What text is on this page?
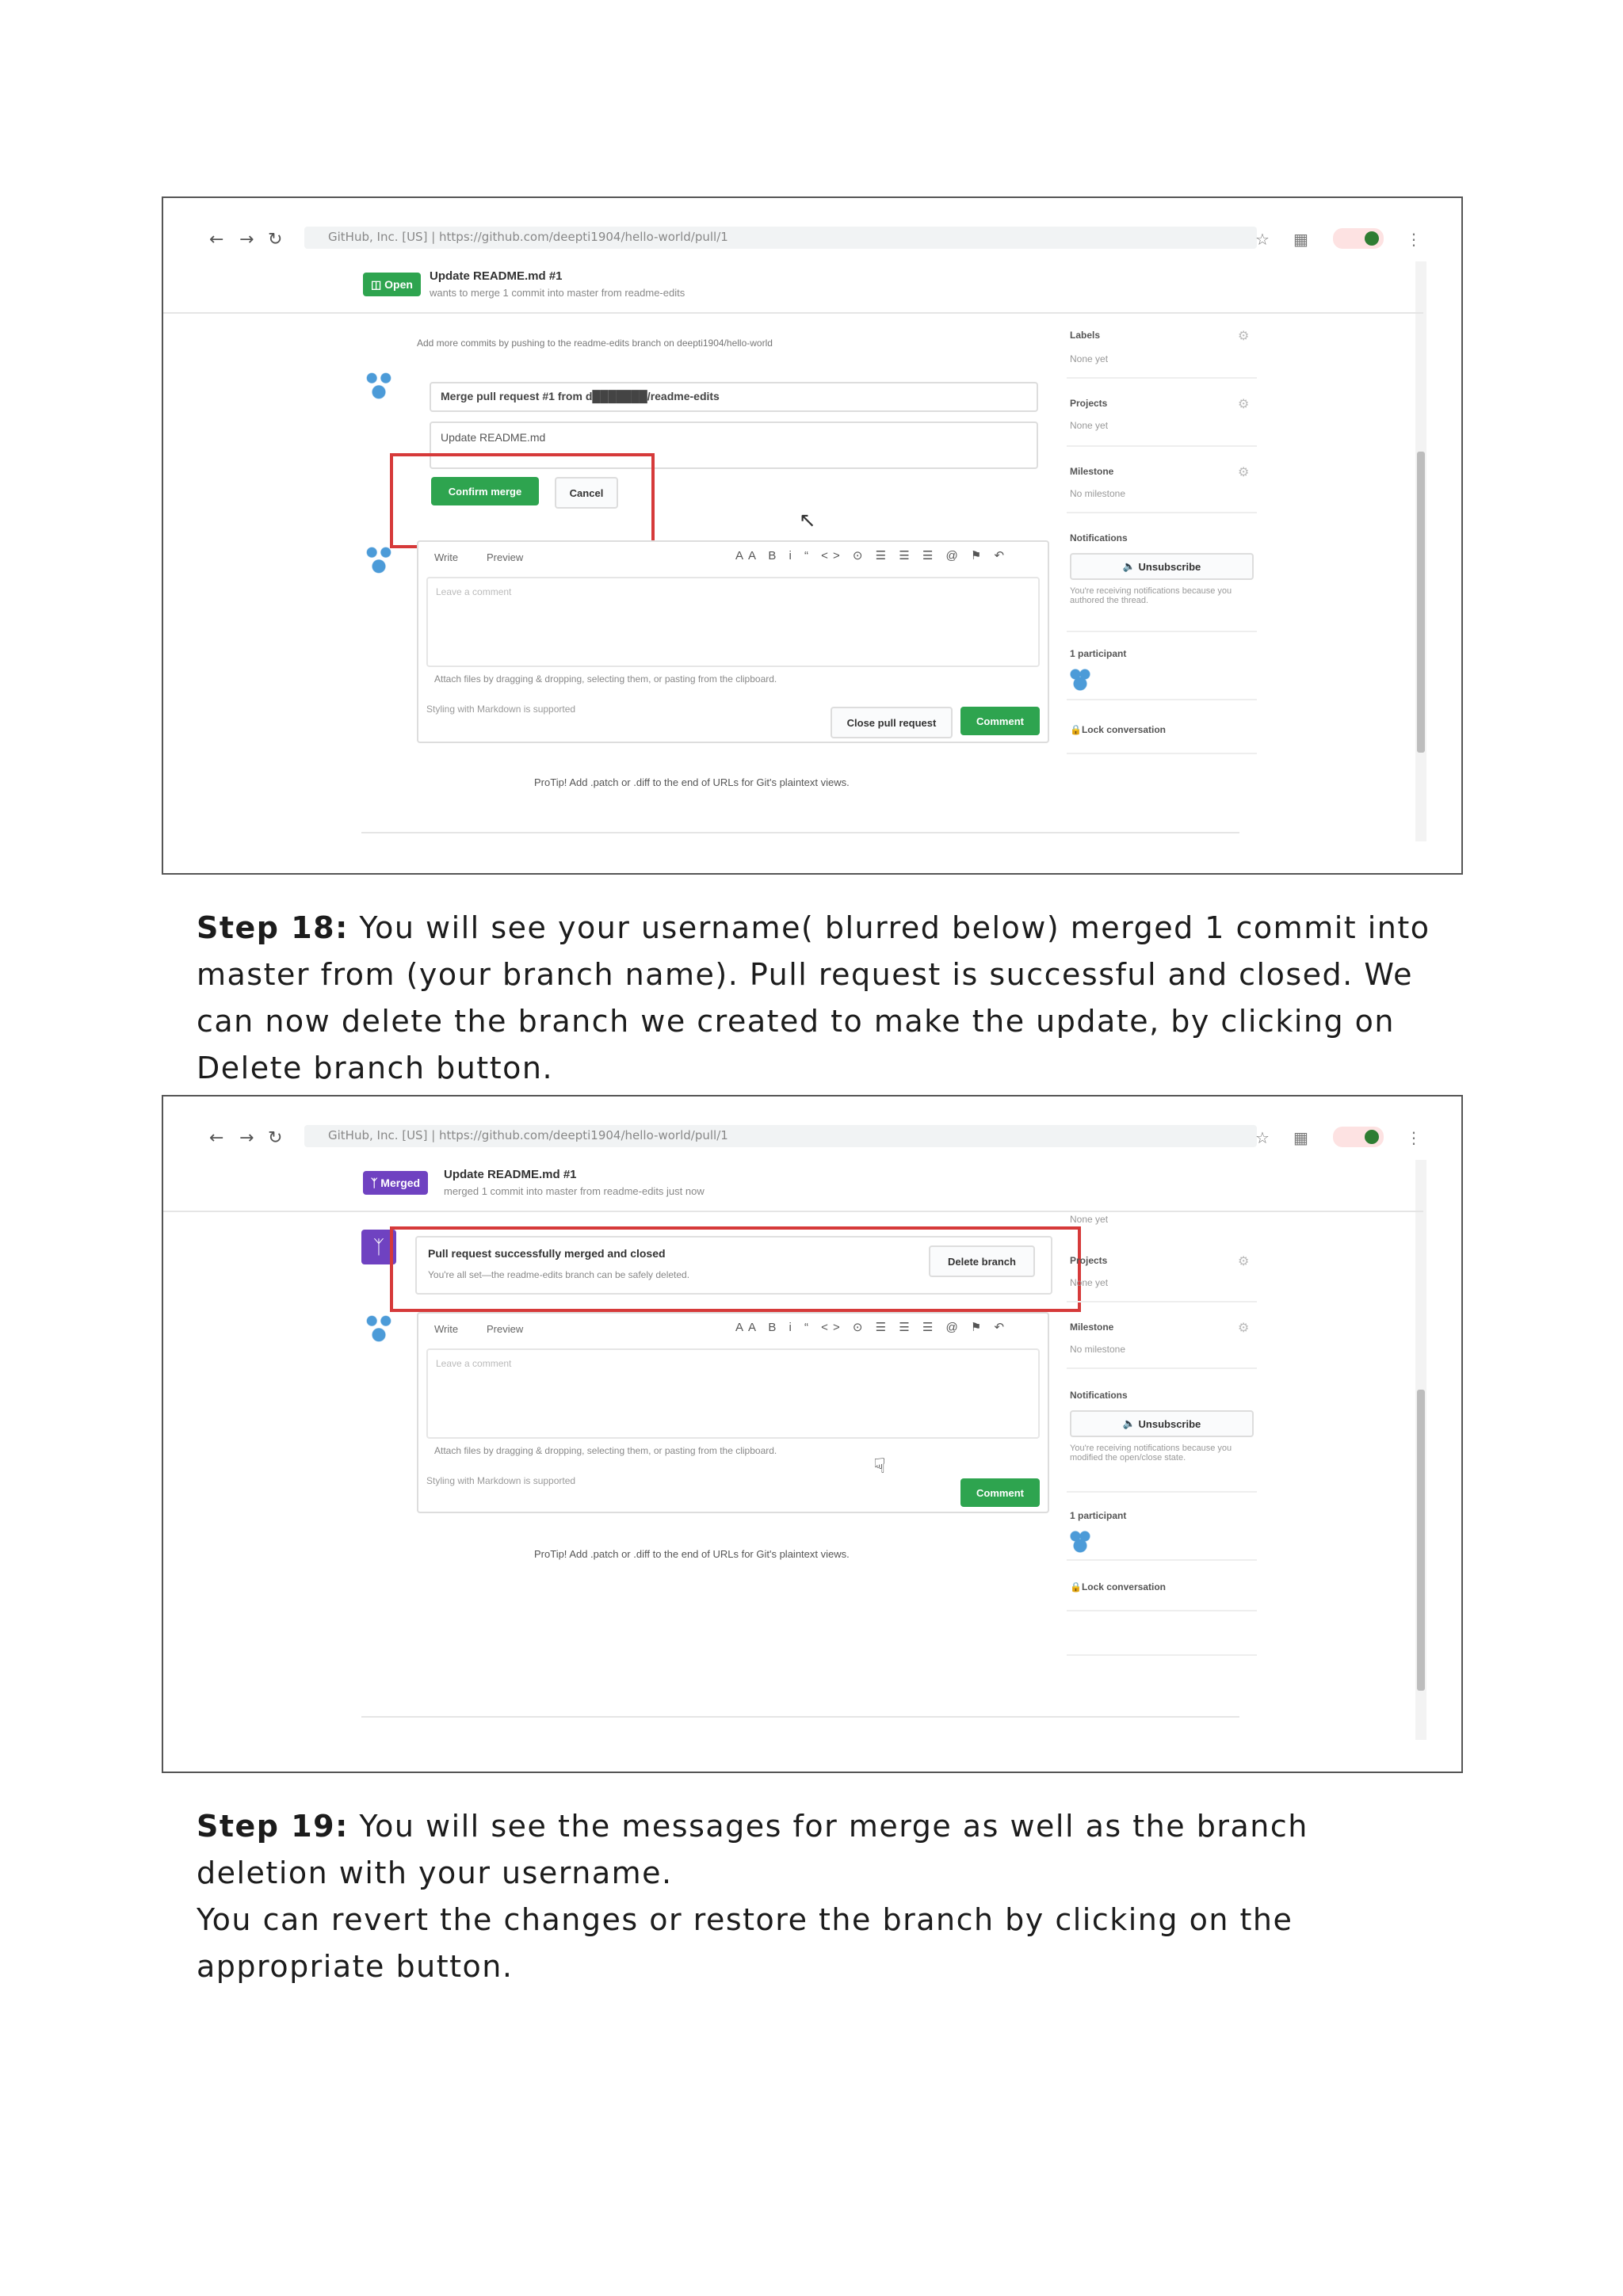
← → ↻	GitHub, Inc. [US] | https://github.com/deepti1904/hello-world/pull/1	☆ ▦	⋮
◫ Open
Update README.md #1
wants to merge 1 commit into master from readme-edits
Add more commits by pushing to the readme-edits branch on deepti1904/hello-world
Merge pull request #1 from d███████/readme-edits
Update README.md
Confirm merge	Cancel
↖
Write	Preview	AA B i “ <> ⊙ ☰ ☰ ☰ @ ⚑ ↶
Leave a comment
Attach files by dragging & dropping, selecting them, or pasting from the clipboard.
Styling with Markdown is supported
Close pull request	Comment
ProTip! Add .patch or .diff to the end of URLs for Git's plaintext views.
Labels
None yet
⚙
Projects
None yet
⚙
Milestone
No milestone
⚙
Notifications
🔈 Unsubscribe
You're receiving notifications because you authored the thread.
1 participant
🔒Lock conversation
Step 18: You will see your username( blurred below) merged 1 commit into master from (your branch name). Pull request is successful and closed. We can now delete the branch we created to make the update, by clicking on Delete branch button.
← → ↻	GitHub, Inc. [US] | https://github.com/deepti1904/hello-world/pull/1	☆ ▦	⋮
ᛉ Merged
Update README.md #1
merged 1 commit into master from readme-edits just now
ᛉ	Pull request successfully merged and closed
You're all set—the readme-edits branch can be safely deleted.
Delete branch
Write	Preview	AA B i “ <> ⊙ ☰ ☰ ☰ @ ⚑ ↶
Leave a comment
Attach files by dragging & dropping, selecting them, or pasting from the clipboard.
Styling with Markdown is supported
☟
Comment
ProTip! Add .patch or .diff to the end of URLs for Git's plaintext views.
None yet
Projects
None yet
⚙
Milestone
No milestone
⚙
Notifications
🔈 Unsubscribe
You're receiving notifications because you modified the open/close state.
1 participant
🔒Lock conversation
Step 19: You will see the messages for merge as well as the branch deletion with your username.
You can revert the changes or restore the branch by clicking on the appropriate button.
